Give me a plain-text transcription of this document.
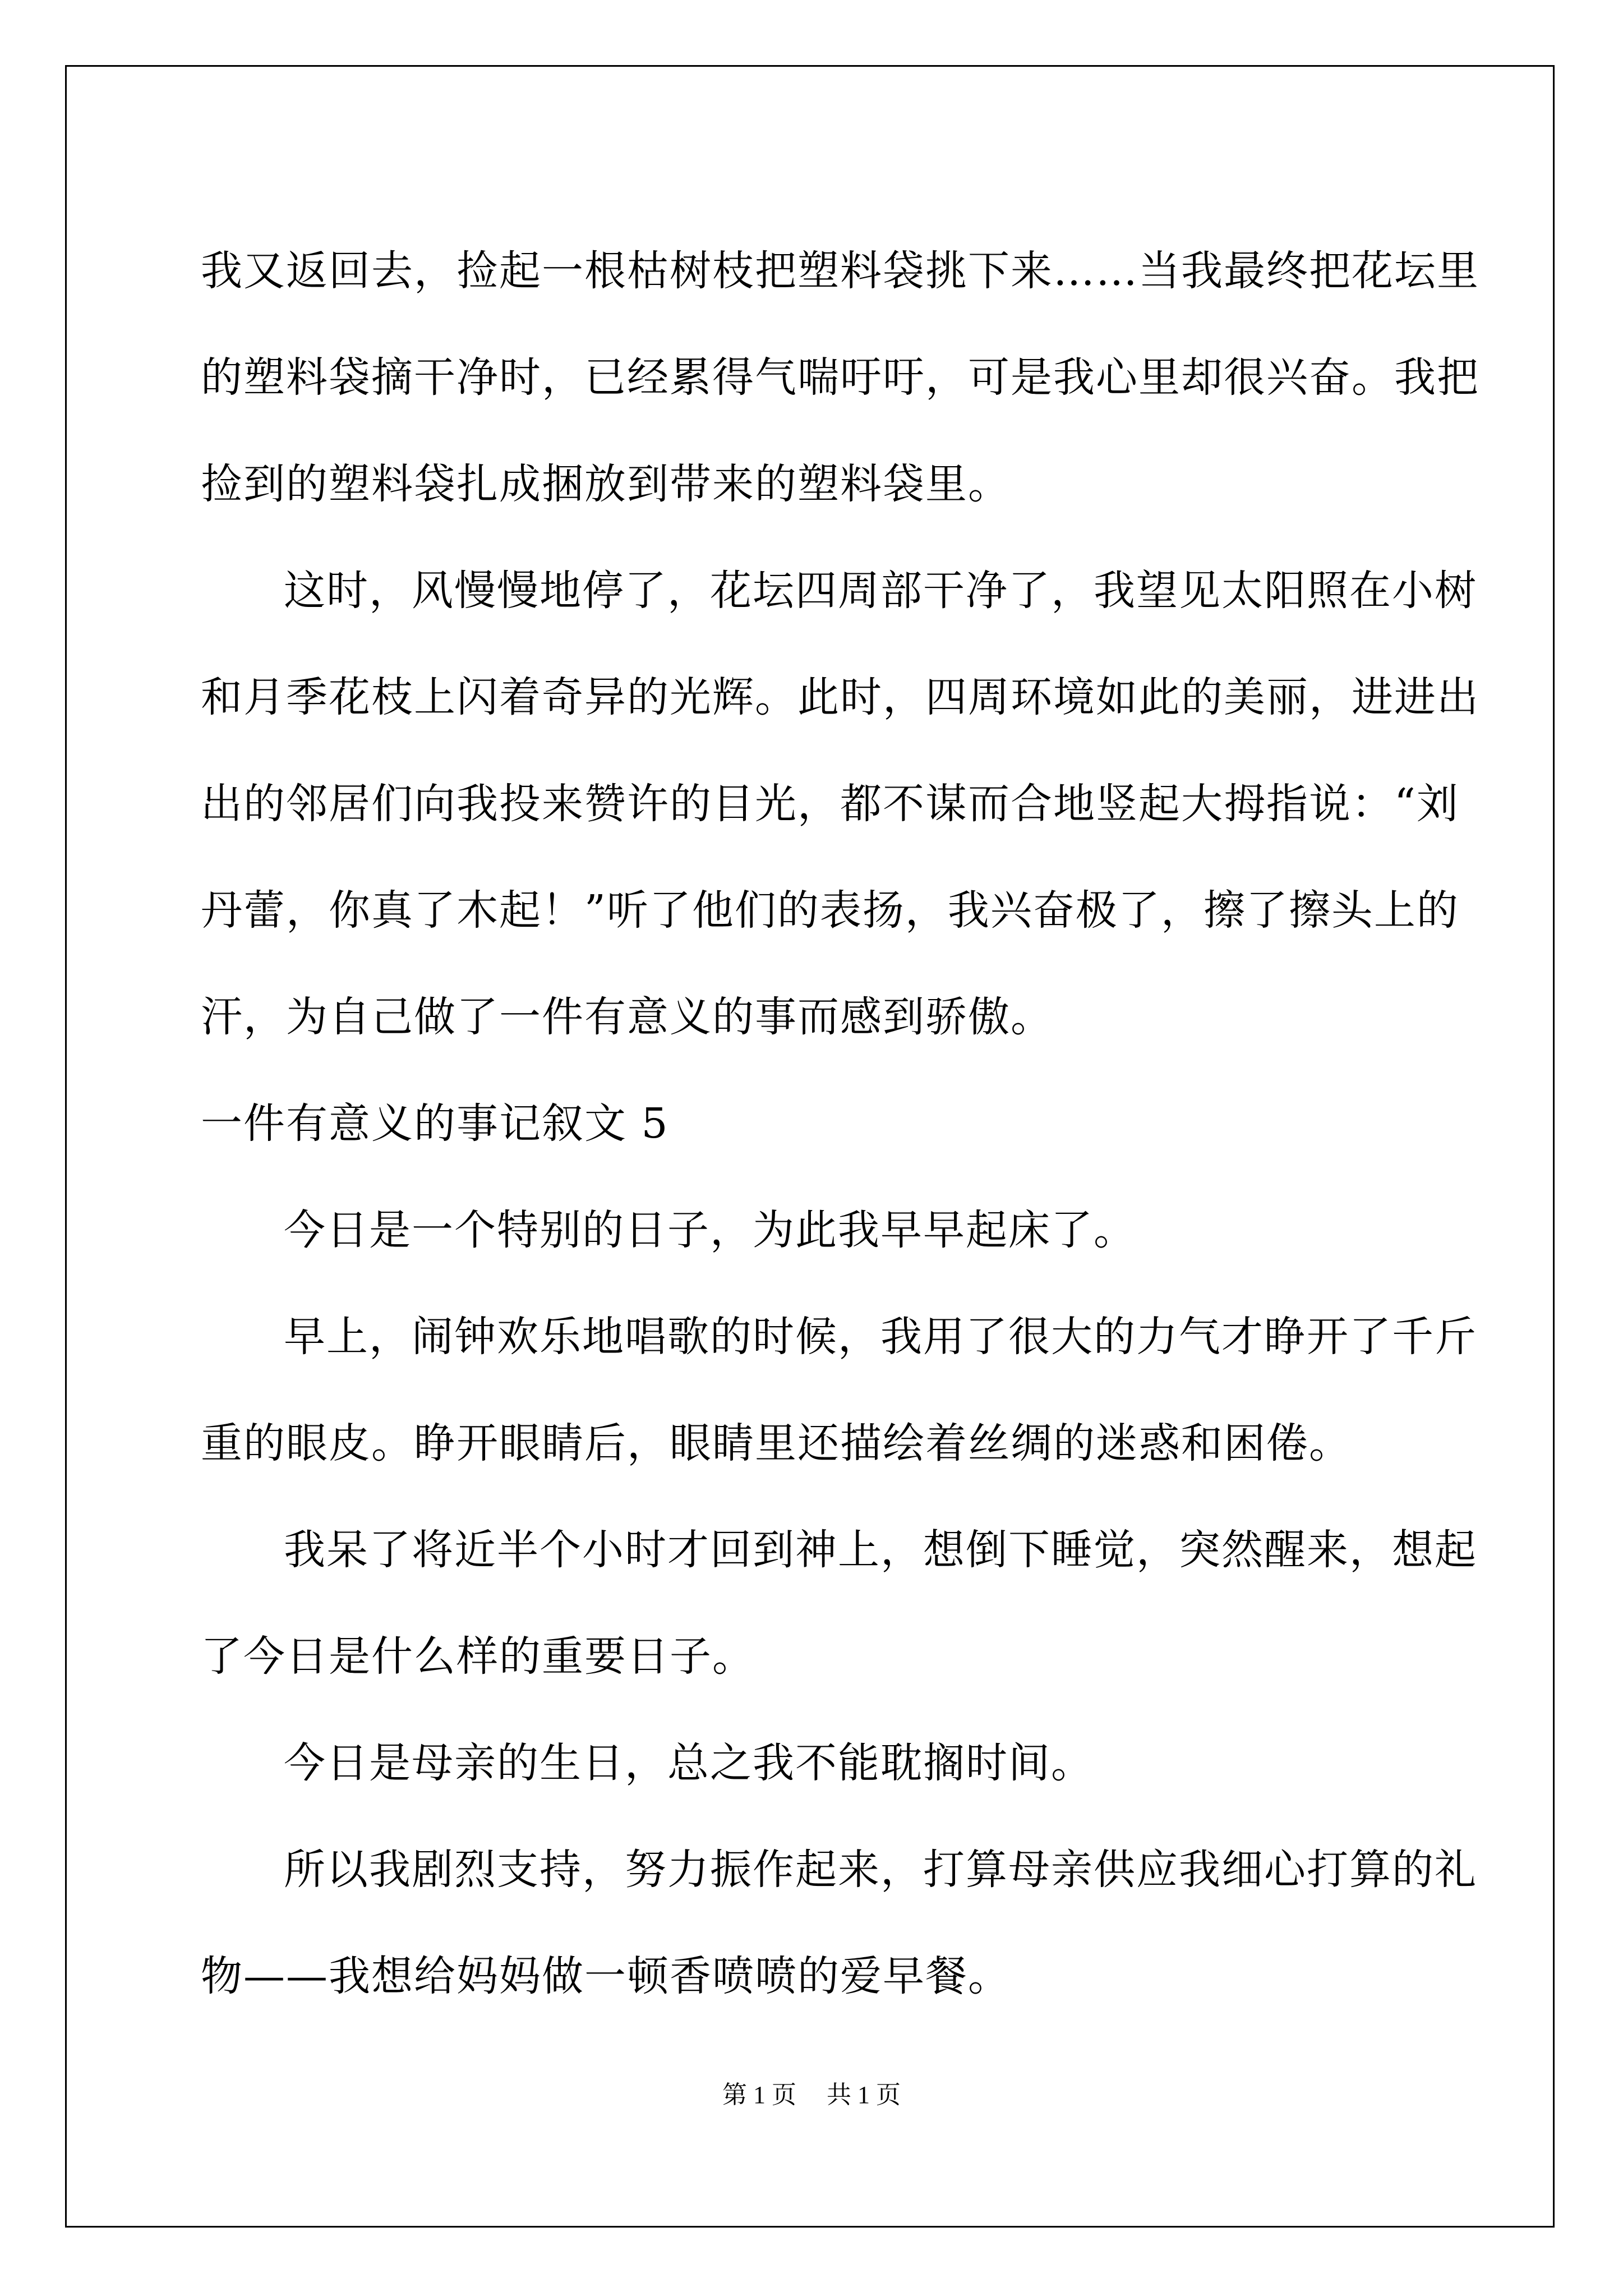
我又返回去，捡起一根枯树枝把塑料袋挑下来……当我最终把花坛里
的塑料袋摘干净时，已经累得气喘吁吁，可是我心里却很兴奋。我把
捡到的塑料袋扎成捆放到带来的塑料袋里。
这时，风慢慢地停了，花坛四周部干净了，我望见太阳照在小树
和月季花枝上闪着奇异的光辉。此时，四周环境如此的美丽，进进出
出的邻居们向我投来赞许的目光，都不谋而合地竖起大拇指说：“刘
丹蕾，你真了木起！”听了他们的表扬，我兴奋极了，擦了擦头上的
汗，为自己做了一件有意义的事而感到骄傲。
一件有意义的事记叙文 5
今日是一个特别的日子，为此我早早起床了。
早上，闹钟欢乐地唱歌的时候，我用了很大的力气才睁开了千斤
重的眼皮。睁开眼睛后，眼睛里还描绘着丝绸的迷惑和困倦。
我呆了将近半个小时才回到神上，想倒下睡觉，突然醒来，想起
了今日是什么样的重要日子。
今日是母亲的生日，总之我不能耽搁时间。
所以我剧烈支持，努力振作起来，打算母亲供应我细心打算的礼
物——我想给妈妈做一顿香喷喷的爱早餐。
第 1 页 共 1 页
